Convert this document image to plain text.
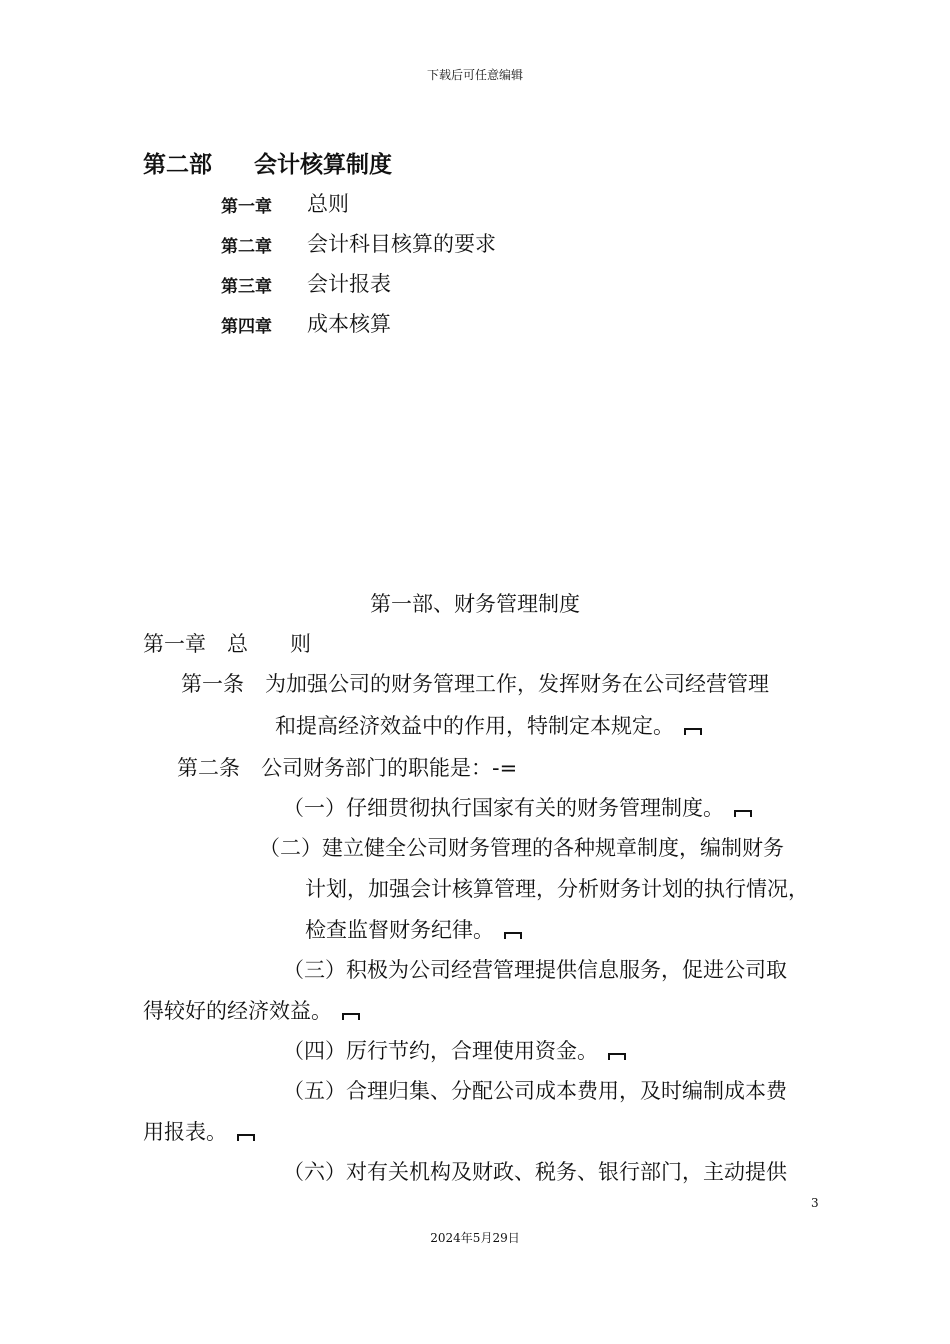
下载后可任意编辑
第二部 会计核算制度
第一章 总则
第二章 会计科目核算的要求
第三章 会计报表
第四章 成本核算
第一部、财务管理制度
第一章　总　　则
第一条　为加强公司的财务管理工作，发挥财务在公司经营管理
和提高经济效益中的作用，特制定本规定。
第二条　公司财务部门的职能是：-=
（一）仔细贯彻执行国家有关的财务管理制度。
（二）建立健全公司财务管理的各种规章制度，编制财务
计划，加强会计核算管理，分析财务计划的执行情况，
检查监督财务纪律。
（三）积极为公司经营管理提供信息服务，促进公司取
得较好的经济效益。
（四）厉行节约，合理使用资金。
（五）合理归集、分配公司成本费用，及时编制成本费
用报表。
（六）对有关机构及财政、税务、银行部门，主动提供
3
2024年5月29日
